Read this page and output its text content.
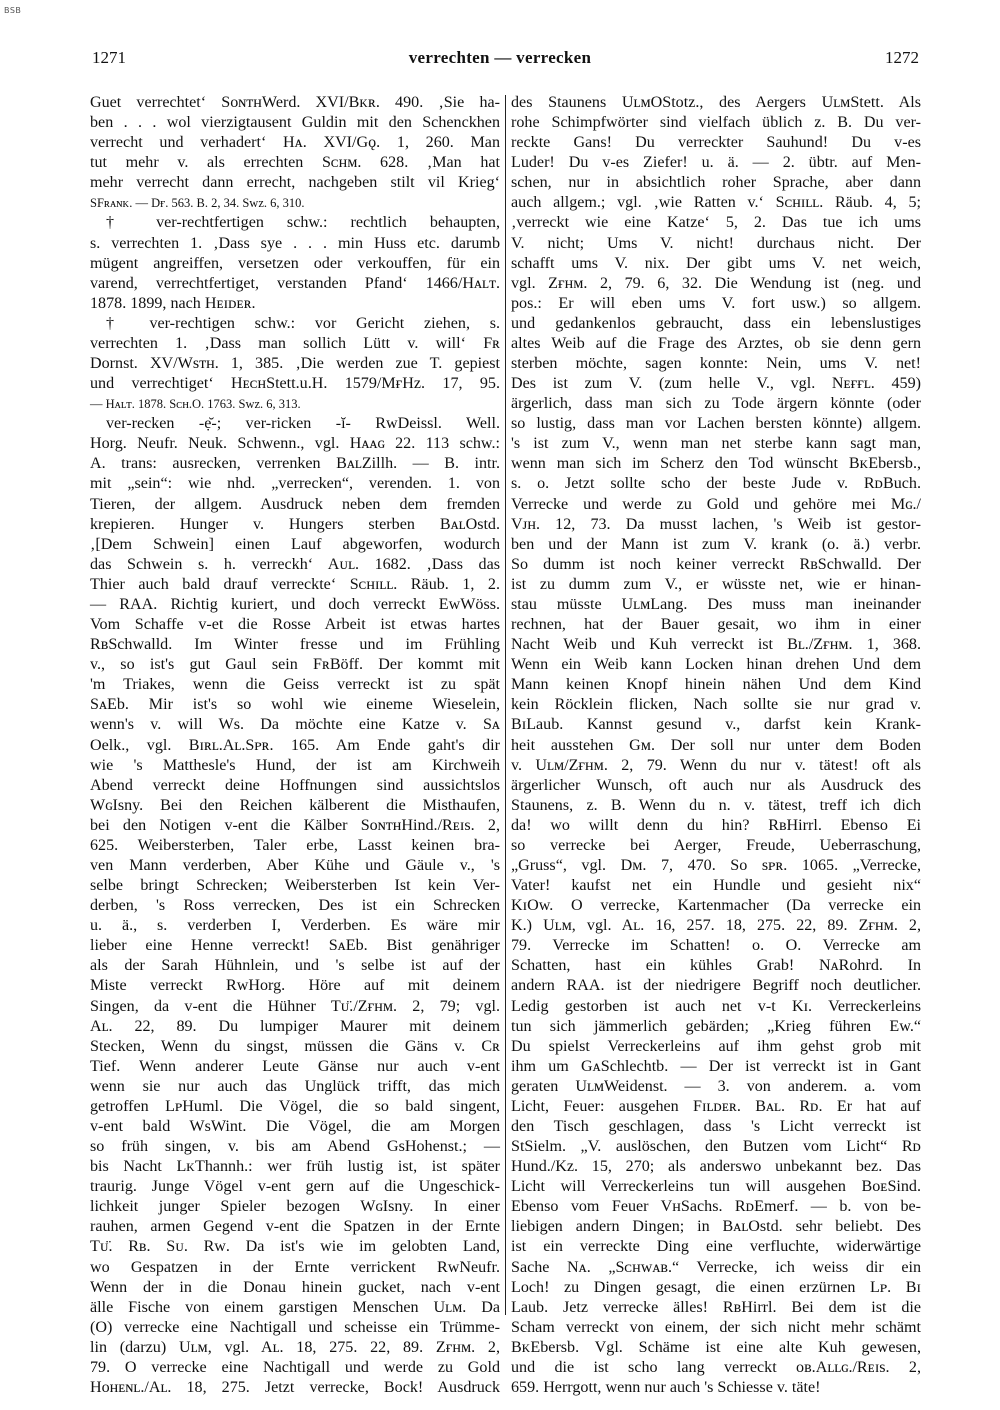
BSB
1271	verrechten — verrecken	1272
Guet verrechtet‘ SᴏɴᴛʜWerd. XVI/Bᴋʀ. 490. ‚Sie ha-
ben . . . wol vierzigtausent Guldin mit den Schenckhen
verrecht und verhadert‘ Hᴀ. XVI/Gǫ. 1, 260. Man
tut mehr v. als errechten Sᴄʜᴍ. 628. ‚Man hat
mehr verrecht dann errecht, nachgeben stilt vil Krieg‘
SFʀᴀɴᴋ. — Dғ. 563. B. 2, 34. Sᴡᴢ. 6, 310.
† ver-rechtfertigen schw.: rechtlich behaupten,
s. verrechten 1. ‚Dass sye . . . min Huss etc. darumb
mügent angreiffen, versetzen oder verkouffen, für ein
varend, verrechtfertiget, verstanden Pfand‘ 1466/Hᴀʟᴛ.
1878. 1899, nach Hᴇɪᴅᴇʀ.
† ver-rechtigen schw.: vor Gericht ziehen, s.
verrechten 1. ‚Dass man sollich Lütt v. will‘ Fʀ
Dornst. XV/Wsᴛʜ. 1, 385. ‚Die werden zue T. gepiest
und verrechtiget‘ HᴇᴄʜStett.u.H. 1579/MғHz. 17, 95.
— Hᴀʟᴛ. 1878. Sᴄʜ.O. 1763. Sᴡᴢ. 6, 313.
ver-recken -ẹ̆-; ver-ricken -ĭ- RwDeissl. Well.
Horg. Neufr. Neuk. Schwenn., vgl. Hᴀᴀɢ 22. 113 schw.:
A. trans: ausrecken, verrenken BᴀʟZillh. — B. intr.
mit „sein“: wie nhd. „verrecken“, verenden. 1. von
Tieren, der allgem. Ausdruck neben dem fremden
krepieren. Hunger v. Hungers sterben BᴀʟOstd.
‚[Dem Schwein] einen Lauf abgeworfen, wodurch
das Schwein s. h. verreckh‘ Aᴜʟ. 1682. ‚Dass das
Thier auch bald drauf verreckte‘ Sᴄʜɪʟʟ. Räub. 1, 2.
— RAA. Richtig kuriert, und doch verreckt EwWöss.
Vom Schaffe v-et die Rosse Arbeit ist etwas hartes
RʙSchwalld. Im Winter fresse und im Frühling
v., so ist's gut Gaul sein FʀBöff. Der kommt mit
'm Triakes, wenn die Geiss verreckt ist zu spät
SᴀEb. Mir ist's so wohl wie eineme Wieselein,
wenn's v. will Ws. Da möchte eine Katze v. Sᴀ
Oelk., vgl. Bɪʀʟ.Aʟ.Sᴘʀ. 165. Am Ende gaht's dir
wie 's Matthesle's Hund, der ist am Kirchweih
Abend verreckt deine Hoffnungen sind aussichtslos
WɢIsny. Bei den Reichen kälberent die Misthaufen,
bei den Notigen v-ent die Kälber SᴏɴᴛʜHind./Rᴇɪs. 2,
625. Weibersterben, Taler erbe, Lasst keinen bra-
ven Mann verderben, Aber Kühe und Gäule v., 's
selbe bringt Schrecken; Weibersterben Ist kein Ver-
derben, 's Ross verrecken, Des ist ein Schrecken
u. ä., s. verderben I, Verderben. Es wäre mir
lieber eine Henne verreckt! SᴀEb. Bist genähriger
als der Sarah Hühnlein, und 's selbe ist auf der
Miste verreckt RwHorg. Höre auf mit deinem
Singen, da v-ent die Hühner Tᴜ̈./Zғʜᴍ. 2, 79; vgl.
Aʟ. 22, 89. Du lumpiger Maurer mit deinem
Stecken, Wenn du singst, müssen die Gäns v. Cʀ
Tief. Wenn anderer Leute Gänse nur auch v-ent
wenn sie nur auch das Unglück trifft, das mich
getroffen LᴘHuml. Die Vögel, die so bald singent,
v-ent bald WsWint. Die Vögel, die am Morgen
so früh singen, v. bis am Abend GsHohenst.; —
bis Nacht LᴋThannh.: wer früh lustig ist, ist später
traurig. Junge Vögel v-ent gern auf die Ungeschick-
lichkeit junger Spieler bezogen WɢIsny. In einer
rauhen, armen Gegend v-ent die Spatzen in der Ernte
Tᴜ̈. Rʙ. Sᴜ. Rᴡ. Da ist's wie im gelobten Land,
wo Gespatzen in der Ernte verrickent RwNeufr.
Wenn der in die Donau hinein gucket, nach v-ent
älle Fische von einem garstigen Menschen Uʟᴍ. Da
(O) verrecke eine Nachtigall und scheisse ein Trümme-
lin (darzu) Uʟᴍ, vgl. Aʟ. 18, 275. 22, 89. Zғʜᴍ. 2,
79. O verrecke eine Nachtigall und werde zu Gold
Hᴏʜᴇɴʟ./Aʟ. 18, 275. Jetzt verrecke, Bock! Ausdruck
des Staunens UʟᴍOStotz., des Aergers UʟᴍStett. Als
rohe Schimpfwörter sind vielfach üblich z. B. Du ver-
reckte Gans! Du verreckter Sauhund! Du v-es
Luder! Du v-es Ziefer! u. ä. — 2. übtr. auf Men-
schen, nur in absichtlich roher Sprache, aber dann
auch allgem.; vgl. ‚wie Ratten v.‘ Sᴄʜɪʟʟ. Räub. 4, 5;
‚verreckt wie eine Katze‘ 5, 2. Das tue ich ums
V. nicht; Ums V. nicht! durchaus nicht. Der
schafft ums V. nix. Der gibt ums V. net weich,
vgl. Zғʜᴍ. 2, 79. 6, 32. Die Wendung ist (neg. und
pos.: Er will eben ums V. fort usw.) so allgem.
und gedankenlos gebraucht, dass ein lebenslustiges
altes Weib auf die Frage des Arztes, ob sie denn gern
sterben möchte, sagen konnte: Nein, ums V. net!
Des ist zum V. (zum helle V., vgl. Nᴇғғʟ. 459)
ärgerlich, dass man sich zu Tode ärgern könnte (oder
so lustig, dass man vor Lachen bersten könnte) allgem.
's ist zum V., wenn man net sterbe kann sagt man,
wenn man sich im Scherz den Tod wünscht BᴋEbersb.,
s. o. Jetzt sollte scho der beste Jude v. RᴅBuch.
Verrecke und werde zu Gold und gehöre mei Mɢ./
Vᴊʜ. 12, 73. Da musst lachen, 's Weib ist gestor-
ben und der Mann ist zum V. krank (o. ä.) verbr.
So dumm ist noch keiner verreckt RʙSchwalld. Der
ist zu dumm zum V., er wüsste net, wie er hinan-
stau müsste UʟᴍLang. Des muss man ineinander
rechnen, hat der Bauer gesait, wo ihm in einer
Nacht Weib und Kuh verreckt ist Bʟ./Zғʜᴍ. 1, 368.
Wenn ein Weib kann Locken hinan drehen Und dem
Mann keinen Knopf hinein nähen Und dem Kind
kein Röcklein flicken, Nach sollte sie nur grad v.
BɪLaub. Kannst gesund v., darfst kein Krank-
heit ausstehen Gᴍ. Der soll nur unter dem Boden
v. Uʟᴍ/Zғʜᴍ. 2, 79. Wenn du nur v. tätest! oft als
ärgerlicher Wunsch, oft auch nur als Ausdruck des
Staunens, z. B. Wenn du n. v. tätest, treff ich dich
da! wo willt denn du hin? RʙHirrl. Ebenso Ei
so verrecke bei Aerger, Freude, Ueberraschung,
„Gruss“, vgl. Dᴍ. 7, 470. So sᴘʀ. 1065. „Verrecke,
Vater! kaufst net ein Hundle und gesieht nix“
KɪOw. O verrecke, Kartenmacher (Da verrecke ein
K.) Uʟᴍ, vgl. Aʟ. 16, 257. 18, 275. 22, 89. Zғʜᴍ. 2,
79. Verrecke im Schatten! o. O. Verrecke am
Schatten, hast ein kühles Grab! NᴀRohrd. In
andern RAA. ist der niedrigere Begriff noch deutlicher.
Ledig gestorben ist auch net v-t Kɪ. Verreckerleins
tun sich jämmerlich gebärden; „Krieg führen Ew.“
Du spielst Verreckerleins auf ihm gehst grob mit
ihm um GᴀSchlechtb. — Der ist verreckt ist in Gant
geraten UʟᴍWeidenst. — 3. von anderem. a. vom
Licht, Feuer: ausgehen Fɪʟᴅᴇʀ. Bᴀʟ. Rᴅ. Er hat auf
den Tisch geschlagen, dass 's Licht verreckt ist
StSielm. „V. auslöschen, den Butzen vom Licht“ Rᴅ
Hund./Kz. 15, 270; als anderswo unbekannt bez. Das
Licht will Verreckerleins tun will ausgehen BᴏᴇSind.
Ebenso vom Feuer VʜSachs. RᴅEmerf. — b. von be-
liebigen andern Dingen; in BᴀʟOstd. sehr beliebt. Des
ist ein verreckte Ding eine verfluchte, widerwärtige
Sache Nᴀ. „Sᴄʜᴡᴀʙ.“ Verrecke, ich weiss dir ein
Loch! zu Dingen gesagt, die einen erzürnen Lᴘ. Bɪ
Laub. Jetz verrecke älles! RʙHirrl. Bei dem ist die
Scham verreckt von einem, der sich nicht mehr schämt
BᴋEbersb. Vgl. Schäme ist eine alte Kuh gewesen,
und die ist scho lang verreckt ᴏʙ.Aʟʟɢ./Rᴇɪs. 2,
659. Herrgott, wenn nur auch 's Schiesse v. täte!
